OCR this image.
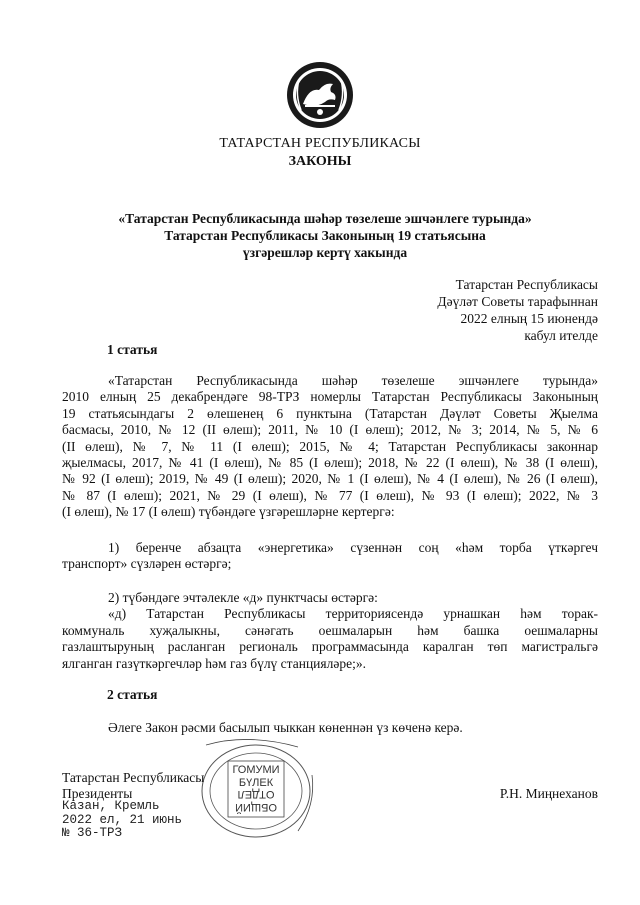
ТАТАРСТАН РЕСПУБЛИКАСЫ
ЗАКОНЫ
«Татарстан Республикасында шәһәр төзелеше эшчәнлеге турында»
Татарстан Республикасы Законының 19 статьясына
үзгәрешләр кертү хакында
Татарстан Республикасы
Дәүләт Советы тарафыннан
2022 елның 15 июнендә
кабул ителде
1 статья
«Татарстан Республикасында шәһәр төзелеше эшчәнлеге турында»
2010 елның 25 декабрендәге 98-ТРЗ номерлы Татарстан Республикасы Законының
19 статьясындагы 2 өлешенең 6 пунктына (Татарстан Дәүләт Советы Җыелма
басмасы, 2010, № 12 (II өлеш); 2011, № 10 (I өлеш); 2012, № 3; 2014, № 5, № 6
(II өлеш), № 7, № 11 (I өлеш); 2015, № 4; Татарстан Республикасы законнар
җыелмасы, 2017, № 41 (I өлеш), № 85 (I өлеш); 2018, № 22 (I өлеш), № 38 (I өлеш),
№ 92 (I өлеш); 2019, № 49 (I өлеш); 2020, № 1 (I өлеш), № 4 (I өлеш), № 26 (I өлеш),
№ 87 (I өлеш); 2021, № 29 (I өлеш), № 77 (I өлеш), № 93 (I өлеш); 2022, № 3
(I өлеш), № 17 (I өлеш) түбәндәге үзгәрешләрне кертергә:
1) беренче абзацта «энергетика» сүзеннән соң «һәм торба үткәргеч
транспорт» сүзләрен өстәргә;
2) түбәндәге эчтәлекле «д» пунктчасы өстәргә:
«д) Татарстан Республикасы территориясендә урнашкан һәм торак-
коммуналь хуҗалыкны, сәнәгать оешмаларын һәм башка оешмаларны
газлаштыруның расланган региональ программасында каралган төп магистральгә
ялганган газүткәргечләр һәм газ бүлү станцияләре;».
2 статья
Әлеге Закон рәсми басылып чыккан көненнән үз көченә керә.
ГОМУМИ
БҮЛЕК
ОТДЕЛ
ОБЩИЙ
Татарстан Республикасы
Президенты	Р.Н. Миңнеханов
Казан, Кремль
2022 ел, 21 июнь
№ 36-ТРЗ
